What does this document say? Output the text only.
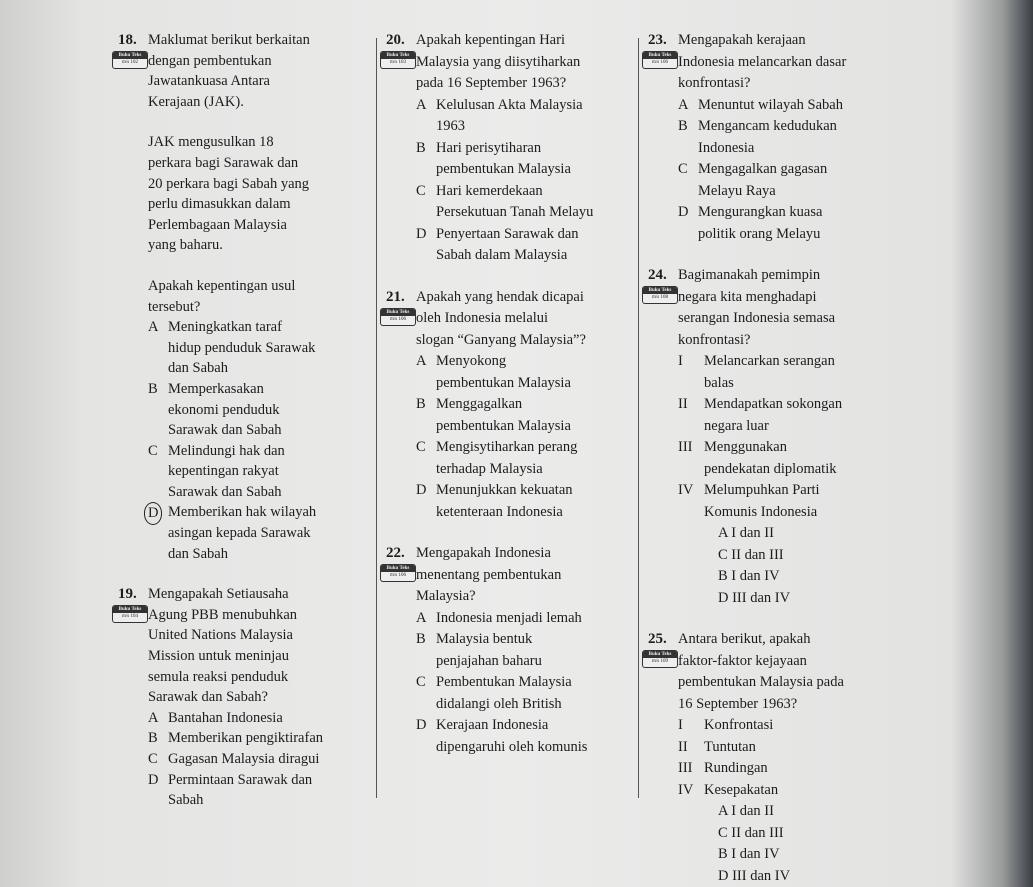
18.
Buku Teks
m/s 102
Maklumat berikut berkaitan
dengan pembentukan
Jawatankuasa Antara
Kerajaan (JAK).
JAK mengusulkan 18
perkara bagi Sarawak dan
20 perkara bagi Sabah yang
perlu dimasukkan dalam
Perlembagaan Malaysia
yang baharu.
Apakah kepentingan usul
tersebut?
A Meningkatkan taraf
hidup penduduk Sarawak
dan Sabah
B Memperkasakan
ekonomi penduduk
Sarawak dan Sabah
C Melindungi hak dan
kepentingan rakyat
Sarawak dan Sabah
D Memberikan hak wilayah
asingan kepada Sarawak
dan Sabah
19.
Buku Teks
m/s 104
Mengapakah Setiausaha
Agung PBB menubuhkan
United Nations Malaysia
Mission untuk meninjau
semula reaksi penduduk
Sarawak dan Sabah?
A Bantahan Indonesia
B Memberikan pengiktirafan
C Gagasan Malaysia diragui
D Permintaan Sarawak dan
Sabah
20.
Buku Teks
m/s 103
Apakah kepentingan Hari
Malaysia yang diisytiharkan
pada 16 September 1963?
A Kelulusan Akta Malaysia
1963
B Hari perisytiharan
pembentukan Malaysia
C Hari kemerdekaan
Persekutuan Tanah Melayu
D Penyertaan Sarawak dan
Sabah dalam Malaysia
21.
Buku Teks
m/s 106
Apakah yang hendak dicapai
oleh Indonesia melalui
slogan “Ganyang Malaysia”?
A Menyokong
pembentukan Malaysia
B Menggagalkan
pembentukan Malaysia
C Mengisytiharkan perang
terhadap Malaysia
D Menunjukkan kekuatan
ketenteraan Indonesia
22.
Buku Teks
m/s 106
Mengapakah Indonesia
menentang pembentukan
Malaysia?
A Indonesia menjadi lemah
B Malaysia bentuk
penjajahan baharu
C Pembentukan Malaysia
didalangi oleh British
D Kerajaan Indonesia
dipengaruhi oleh komunis
23.
Buku Teks
m/s 106
Mengapakah kerajaan
Indonesia melancarkan dasar
konfrontasi?
A Menuntut wilayah Sabah
B Mengancam kedudukan
Indonesia
C Mengagalkan gagasan
Melayu Raya
D Mengurangkan kuasa
politik orang Melayu
24.
Buku Teks
m/s 108
Bagimanakah pemimpin
negara kita menghadapi
serangan Indonesia semasa
konfrontasi?
I	Melancarkan serangan
balas
II	Mendapatkan sokongan
negara luar
III Menggunakan
pendekatan diplomatik
IV Melumpuhkan Parti
Komunis Indonesia
A I dan IIC II dan III
B I dan IVD III dan IV
25.
Buku Teks
m/s 109
Antara berikut, apakah
faktor-faktor kejayaan
pembentukan Malaysia pada
16 September 1963?
I	Konfrontasi
II	Tuntutan
III Rundingan
IV Kesepakatan
A I dan IIC II dan III
B I dan IVD III dan IV
